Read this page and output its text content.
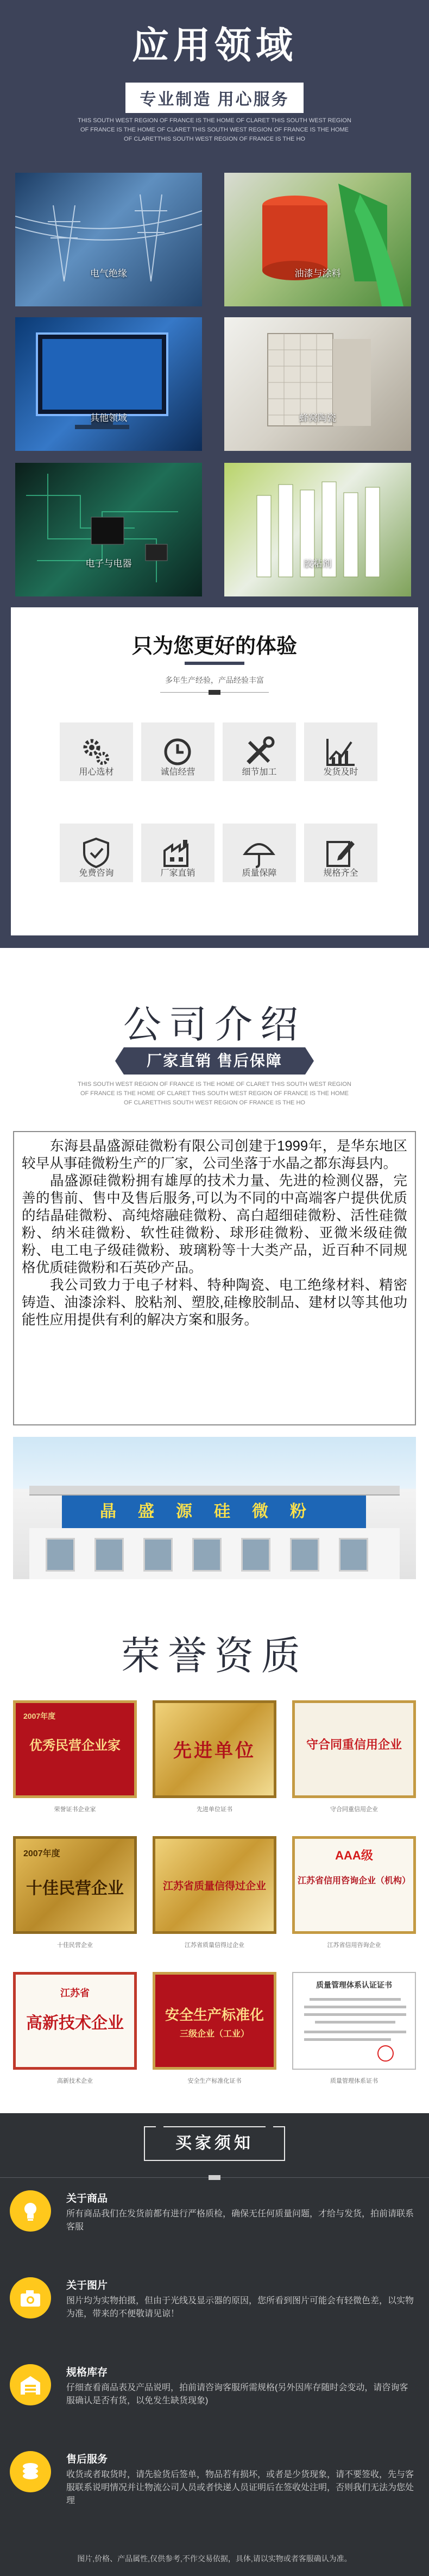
应用领域
专业制造 用心服务
THIS SOUTH WEST REGION OF FRANCE IS THE HOME OF CLARET THIS SOUTH WEST REGION OF FRANCE IS THE HOME OF CLARET THIS SOUTH WEST REGION OF FRANCE IS THE HOME OF CLARETTHIS SOUTH WEST REGION OF FRANCE IS THE HO
电气绝缘	油漆与涂料
其他领域	蜂窝陶瓷
电子与电器	胶粘剂
只为您更好的体验
多年生产经验，产品经验丰富
用心选材	诚信经营	细节加工	发货及时
免费咨询	厂家直销	质量保障	规格齐全
公司介绍
厂家直销 售后保障
THIS SOUTH WEST REGION OF FRANCE IS THE HOME OF CLARET THIS SOUTH WEST REGION OF FRANCE IS THE HOME OF CLARET THIS SOUTH WEST REGION OF FRANCE IS THE HOME OF CLARETTHIS SOUTH WEST REGION OF FRANCE IS THE HO

东海县晶盛源硅微粉有限公司创建于1999年，是华东地区较早从事硅微粉生产的厂家，公司坐落于水晶之都东海县内。

晶盛源硅微粉拥有雄厚的技术力量、先进的检测仪器，完善的售前、售中及售后服务,可以为不同的中高端客户提供优质的结晶硅微粉、高纯熔融硅微粉、高白超细硅微粉、活性硅微粉、纳米硅微粉、软性硅微粉、球形硅微粉、亚微米级硅微粉、电工电子级硅微粉、玻璃粉等十大类产品，近百种不同规格优质硅微粉和石英砂产品。

我公司致力于电子材料、特种陶瓷、电工绝缘材料、精密铸造、油漆涂料、胶粘剂、塑胶,硅橡胶制品、建材以等其他功能性应用提供有利的解决方案和服务。

晶盛源硅微粉
荣誉资质
2007年度
优秀民营企业家
荣誉证书企业家
先进单位
先进单位证书
守合同重信用企业
守合同重信用企业
2007年度
十佳民营企业
十佳民营企业
江苏省质量信得过企业
江苏省质量信得过企业
AAA级
江苏省信用咨询企业（机构）
江苏省信用咨询企业
江苏省
高新技术企业
高新技术企业
安全生产标准化
三级企业（工业）
安全生产标准化证书
质量管理体系认证证书
质量管理体系证书
买家须知
关于商品

所有商品我们在发货前都有进行严格质检，确保无任何质量问题，才给与发货，拍前请联系客服

关于图片

图片均为实物拍摄，但由于光线及显示器的原因，您所看到图片可能会有轻微色差，以实物为准，带来的不便敬请见谅！

规格库存

仔细查看商品表及产品说明，拍前请咨询客服所需规格(另外因库存随时会变动，请咨询客服确认是否有货，以免发生缺货现象)

售后服务

收货或者取货时，请先验货后签单，物品若有损坏，或者是少货现象，请不要签收，先与客服联系说明情况并让物流公司人员或者快递人员证明后在签收处注明，否则我们无法为您处理

图片,价格、产品属性,仅供参考,不作交易依据，具体,请以实物或者客服确认为准。
